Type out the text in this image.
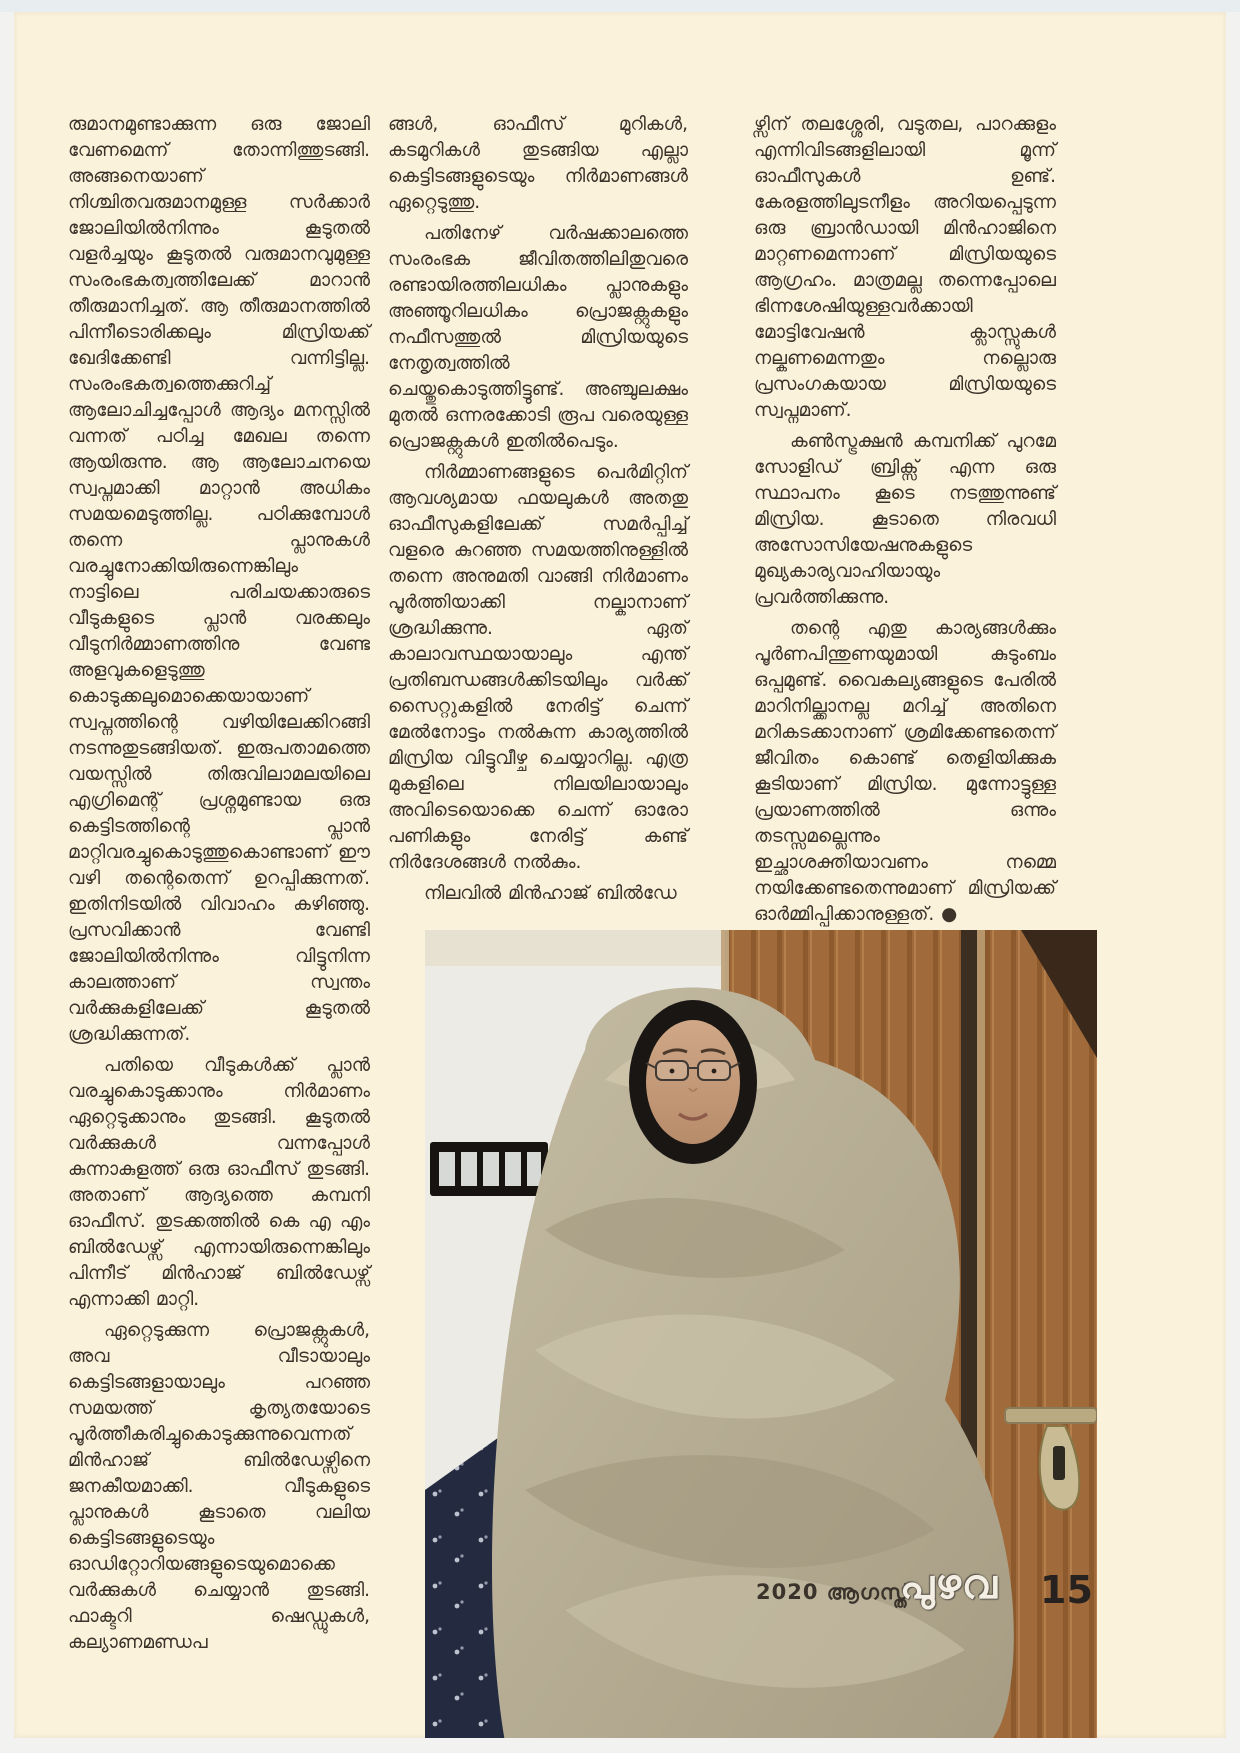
രുമാനമുണ്ടാക്കുന്ന ഒരു ജോലി വേണമെന്ന് തോന്നിത്തുടങ്ങി. അങ്ങനെയാണ് നിശ്ചിതവരുമാനമുള്ള സർക്കാർ ജോലിയിൽനിന്നും കൂടുതൽ വളർച്ചയും കൂടുതൽ വരുമാനവുമുള്ള സംരംഭകത്വത്തിലേക്ക് മാറാൻ തീരുമാനിച്ചത്. ആ തീരുമാനത്തിൽ പിന്നീടൊരിക്കലും മിസ്രിയക്ക് ഖേദിക്കേണ്ടി വന്നിട്ടില്ല. സംരംഭകത്വത്തെക്കുറിച്ച് ആലോചിച്ചപ്പോൾ ആദ്യം മനസ്സിൽ വന്നത് പഠിച്ച മേഖല തന്നെ ആയിരുന്നു. ആ ആലോചനയെ സ്വപ്നമാക്കി മാറ്റാൻ അധികം സമയമെടുത്തില്ല. പഠിക്കുമ്പോൾ തന്നെ പ്ലാനുകൾ വരച്ചുനോക്കിയിരുന്നെങ്കിലും നാട്ടിലെ പരിചയക്കാരുടെ വീടുകളുടെ പ്ലാൻ വരക്കലും വീടുനിർമ്മാണത്തിനു വേണ്ട അളവുകളെടുത്തു കൊടുക്കലുമൊക്കെയായാണ് സ്വപ്നത്തിന്റെ വഴിയിലേക്കിറങ്ങി നടന്നുതുടങ്ങിയത്. ഇരുപതാമത്തെ വയസ്സിൽ തിരുവിലാമലയിലെ എഗ്രിമെന്റ് പ്രശ്നമുണ്ടായ ഒരു കെട്ടിടത്തിന്റെ പ്ലാൻ മാറ്റിവരച്ചുകൊടുത്തുകൊണ്ടാണ് ഈ വഴി തന്റെതെന്ന് ഉറപ്പിക്കുന്നത്. ഇതിനിടയിൽ വിവാഹം കഴിഞ്ഞു. പ്രസവിക്കാൻ വേണ്ടി ജോലിയിൽനിന്നും വിട്ടുനിന്ന കാലത്താണ് സ്വന്തം വർക്കുകളിലേക്ക് കൂടുതൽ ശ്രദ്ധിക്കുന്നത്.

പതിയെ വീടുകൾക്ക് പ്ലാൻ വരച്ചുകൊടുക്കാനും നിർമാണം ഏറ്റെടുക്കാനും തുടങ്ങി. കൂടുതൽ വർക്കുകൾ വന്നപ്പോൾ കുന്നാകുളത്ത് ഒരു ഓഫീസ് തുടങ്ങി. അതാണ് ആദ്യത്തെ കമ്പനി ഓഫീസ്. തുടക്കത്തിൽ കെ എ എം ബിൽഡേഴ്സ് എന്നായിരുന്നെങ്കിലും പിന്നീട് മിൻഹാജ് ബിൽഡേഴ്സ് എന്നാക്കി മാറ്റി.

ഏറ്റെടുക്കുന്ന പ്രൊജക്റ്റുകൾ, അവ വീടായാലും കെട്ടിടങ്ങളായാലും പറഞ്ഞ സമയത്ത് കൃത്യതയോടെ പൂർത്തീകരിച്ചുകൊടുക്കുന്നുവെന്നത് മിൻഹാജ് ബിൽഡേഴ്സിനെ ജനകീയമാക്കി. വീടുകളുടെ പ്ലാനുകൾ കൂടാതെ വലിയ കെട്ടിടങ്ങളുടെയും ഓഡിറ്റോറിയങ്ങളുടെയുമൊക്കെ വർക്കുകൾ ചെയ്യാൻ തുടങ്ങി. ഫാക്ടറി ഷെഡ്ഡുകൾ, കല്യാണമണ്ഡപ

ങ്ങൾ, ഓഫീസ് മുറികൾ, കടമുറികൾ തുടങ്ങിയ എല്ലാ കെട്ടിടങ്ങളുടെയും നിർമാണങ്ങൾ ഏറ്റെടുത്തു.

പതിനേഴ് വർഷക്കാലത്തെ സംരംഭക ജീവിതത്തിലിതുവരെ രണ്ടായിരത്തിലധികം പ്ലാനുകളും അഞ്ഞൂറിലധികം പ്രൊജക്റ്റുകളും നഫീസത്തുൽ മിസ്രിയയുടെ നേതൃത്വത്തിൽ ചെയ്തുകൊടുത്തിട്ടുണ്ട്. അഞ്ചുലക്ഷം മുതൽ ഒന്നരക്കോടി രൂപ വരെയുള്ള പ്രൊജക്റ്റുകൾ ഇതിൽപെടും.

നിർമ്മാണങ്ങളുടെ പെർമിറ്റിന് ആവശ്യമായ ഫയലുകൾ അതതു ഓഫീസുകളിലേക്ക് സമർപ്പിച്ച് വളരെ കുറഞ്ഞ സമയത്തിനുള്ളിൽ തന്നെ അനുമതി വാങ്ങി നിർമാണം പൂർത്തിയാക്കി നല്കാനാണ് ശ്രദ്ധിക്കുന്നു. ഏത് കാലാവസ്ഥയായാലും എന്ത് പ്രതിബന്ധങ്ങൾക്കിടയിലും വർക്ക് സൈറ്റുകളിൽ നേരിട്ട് ചെന്ന് മേൽനോട്ടം നൽകുന്ന കാര്യത്തിൽ മിസ്രിയ വിട്ടുവീഴ്ച ചെയ്യാറില്ല. എത്ര മുകളിലെ നിലയിലായാലും അവിടെയൊക്കെ ചെന്ന് ഓരോ പണികളും നേരിട്ട് കണ്ട് നിർദേശങ്ങൾ നൽകും.

നിലവിൽ മിൻഹാജ് ബിൽഡേ

ഴ്സിന് തലശ്ശേരി, വടുതല, പാറക്കുളം എന്നിവിടങ്ങളിലായി മൂന്ന് ഓഫീസുകൾ ഉണ്ട്. കേരളത്തിലുടനീളം അറിയപ്പെടുന്ന ഒരു ബ്രാൻഡായി മിൻഹാജിനെ മാറ്റണമെന്നാണ് മിസ്രിയയുടെ ആഗ്രഹം. മാത്രമല്ല തന്നെപ്പോലെ ഭിന്നശേഷിയുള്ളവർക്കായി മോട്ടിവേഷൻ ക്ലാസ്സുകൾ നല്കണമെന്നതും നല്ലൊരു പ്രസംഗകയായ മിസ്രിയയുടെ സ്വപ്നമാണ്.

കൺസ്ട്രക്ഷൻ കമ്പനിക്ക് പുറമേ സോളിഡ് ബ്രിക്സ് എന്ന ഒരു സ്ഥാപനം കൂടെ നടത്തുന്നുണ്ട് മിസ്രിയ. കൂടാതെ നിരവധി അസോസിയേഷനുകളുടെ മുഖ്യകാര്യവാഹിയായും പ്രവർത്തിക്കുന്നു.

തന്റെ എതു കാര്യങ്ങൾക്കും പൂർണപിന്തുണയുമായി കുടുംബം ഒപ്പമുണ്ട്. വൈകല്യങ്ങളുടെ പേരിൽ മാറിനില്ക്കാനല്ല മറിച്ച് അതിനെ മറികടക്കാനാണ് ശ്രമിക്കേണ്ടതെന്ന് ജീവിതം കൊണ്ട് തെളിയിക്കുക കൂടിയാണ് മിസ്രിയ. മുന്നോട്ടുള്ള പ്രയാണത്തിൽ ഒന്നും തടസ്സമല്ലെന്നും ഇച്ഛാശക്തിയാവണം നമ്മെ നയിക്കേണ്ടതെന്നുമാണ് മിസ്രിയക്ക് ഓർമ്മിപ്പിക്കാനുള്ളത്. ●

2020 ആഗസ്ത്
പുഴവ 15
